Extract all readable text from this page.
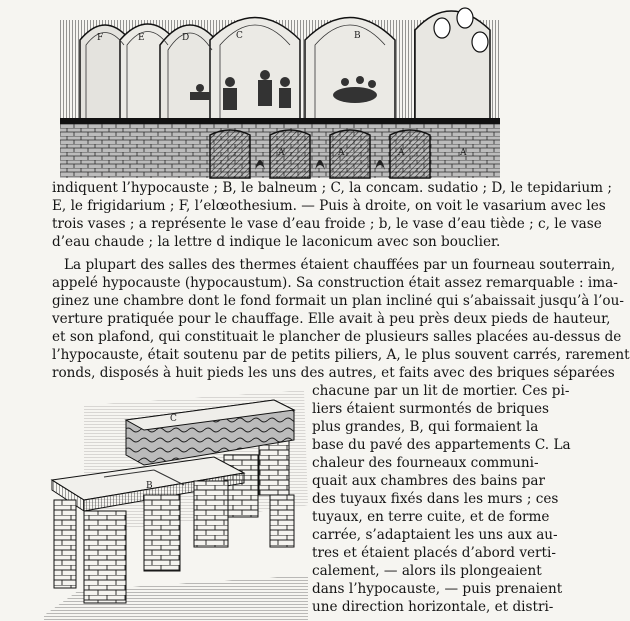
F	E	D	C	B
A	A	A	A
indiquent l’hypocauste ; B, le balneum ; C, la concam. sudatio ; D, le tepidarium ;
E, le frigidarium ; F, l’elœothesium. — Puis à droite, on voit le vasarium avec les
trois vases ; a représente le vase d’eau froide ; b, le vase d’eau tiède ; c, le vase
d’eau chaude ; la lettre d indique le laconicum avec son bouclier.
La plupart des salles des thermes étaient chauffées par un fourneau souterrain,
appelé hypocauste (hypocaustum). Sa construction était assez remarquable : ima-
ginez une chambre dont le fond formait un plan incliné qui s’abaissait jusqu’à l’ou-
verture pratiquée pour le chauffage. Elle avait à peu près deux pieds de hauteur,
et son plafond, qui constituait le plancher de plusieurs salles placées au-dessus de
l’hypocauste, était soutenu par de petits piliers, A, le plus souvent carrés, rarement
ronds, disposés à huit pieds les uns des autres, et faits avec des briques séparées
chacune par un lit de mortier. Ces pi-
liers étaient surmontés de briques
plus grandes, B, qui formaient la
base du pavé des appartements C. La
chaleur des fourneaux communi-
quait aux chambres des bains par
des tuyaux fixés dans les murs ; ces
tuyaux, en terre cuite, et de forme
carrée, s’adaptaient les uns aux au-
tres et étaient placés d’abord verti-
calement, — alors ils plongeaient
dans l’hypocauste, — puis prenaient
une direction horizontale, et distri-
C
B
